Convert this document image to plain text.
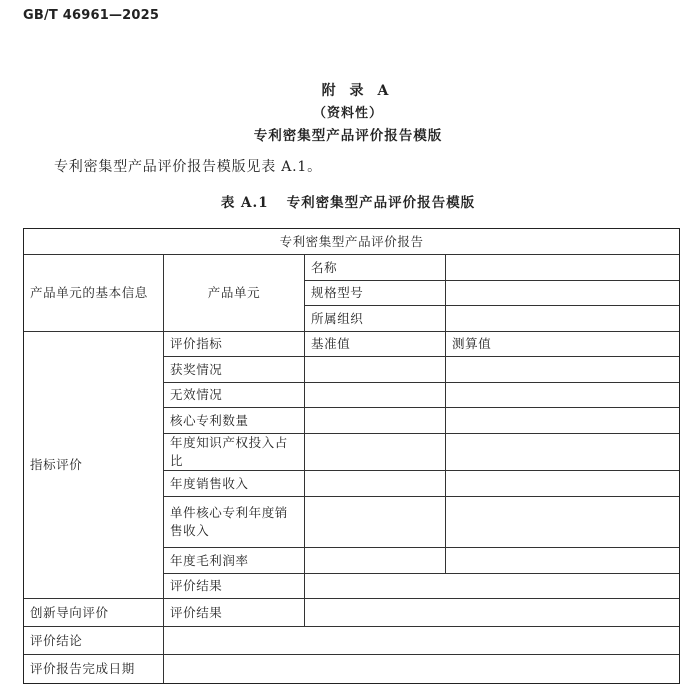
GB/T 46961—2025
附录A
（资料性）
专利密集型产品评价报告模版
专利密集型产品评价报告模版见表 A.1。
表 A.1 专利密集型产品评价报告模版
专利密集型产品评价报告			
产品单元的基本信息	产品单元	名称	
		规格型号	
		所属组织	
指标评价	评价指标	基准值	测算值
	获奖情况		
	无效情况		
	核心专利数量		
	年度知识产权投入占比		
	年度销售收入		
	单件核心专利年度销售收入		
	年度毛利润率		
	评价结果		
创新导向评价	评价结果		
评价结论			
评价报告完成日期			
